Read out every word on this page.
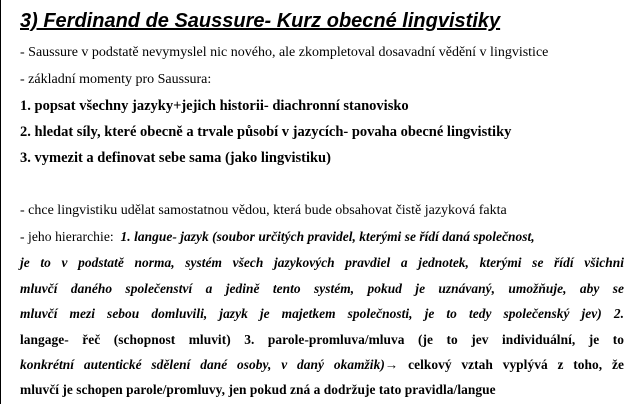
3) Ferdinand de Saussure- Kurz obecné lingvistiky

- Saussure v podstatě nevymyslel nic nového, ale zkompletoval dosavadní vědění v lingvistice

- základní momenty pro Saussura:

1. popsat všechny jazyky+jejich historii- diachronní stanovisko

2. hledat síly, které obecně a trvale působí v jazycích- povaha obecné lingvistiky

3. vymezit a definovat sebe sama (jako lingvistiku)

- chce lingvistiku udělat samostatnou vědou, která bude obsahovat čistě jazyková fakta

- jeho hierarchie: 1. langue- jazyk (soubor určitých pravidel, kterými se řídí daná společnost,

je to v podstatě norma, systém všech jazykových pravdiel a jednotek, kterými se řídí všichni

mluvčí daného společenství a jedině tento systém, pokud je uznávaný, umožňuje, aby se

mluvčí mezi sebou domluvili, jazyk je majetkem společnosti, je to tedy společenský jev) 2.

langage- řeč (schopnost mluvit) 3. parole-promluva/mluva (je to jev individuální, je to

konkrétní autentické sdělení dané osoby, v daný okamžik)→ celkový vztah vyplývá z toho, že

mluvčí je schopen parole/promluvy, jen pokud zná a dodržuje tato pravidla/langue
